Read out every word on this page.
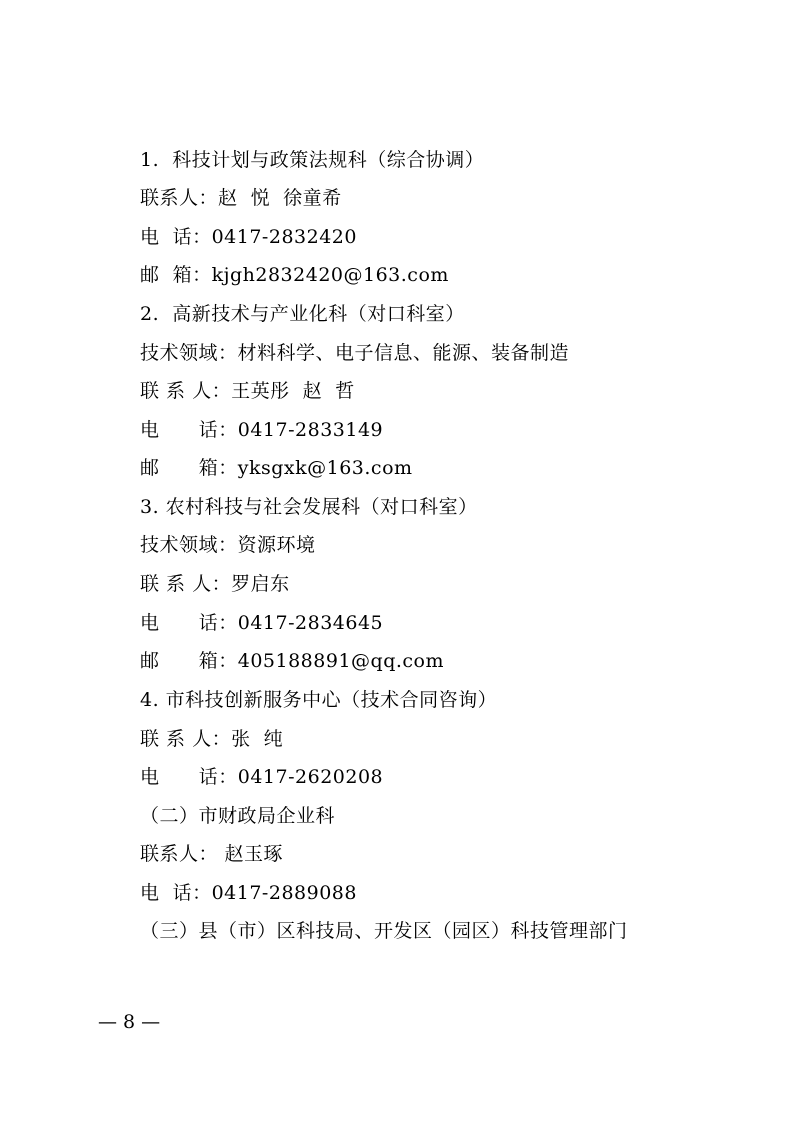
1.  科技计划与政策法规科（综合协调）
联系人：赵  悦  徐童希
电  话：0417-2832420
邮  箱：kjgh2832420@163.com
2.  高新技术与产业化科（对口科室）
技术领域：材料科学、电子信息、能源、装备制造
联 系 人：王英彤  赵  哲
电      话：0417-2833149
邮      箱：yksgxk@163.com
3. 农村科技与社会发展科（对口科室）
技术领域：资源环境
联 系 人：罗启东
电      话：0417-2834645
邮      箱：405188891@qq.com
4. 市科技创新服务中心（技术合同咨询）
联 系 人：张  纯
电      话：0417-2620208
（二）市财政局企业科
联系人： 赵玉琢
电  话：0417-2889088
（三）县（市）区科技局、开发区（园区）科技管理部门
— 8 —
